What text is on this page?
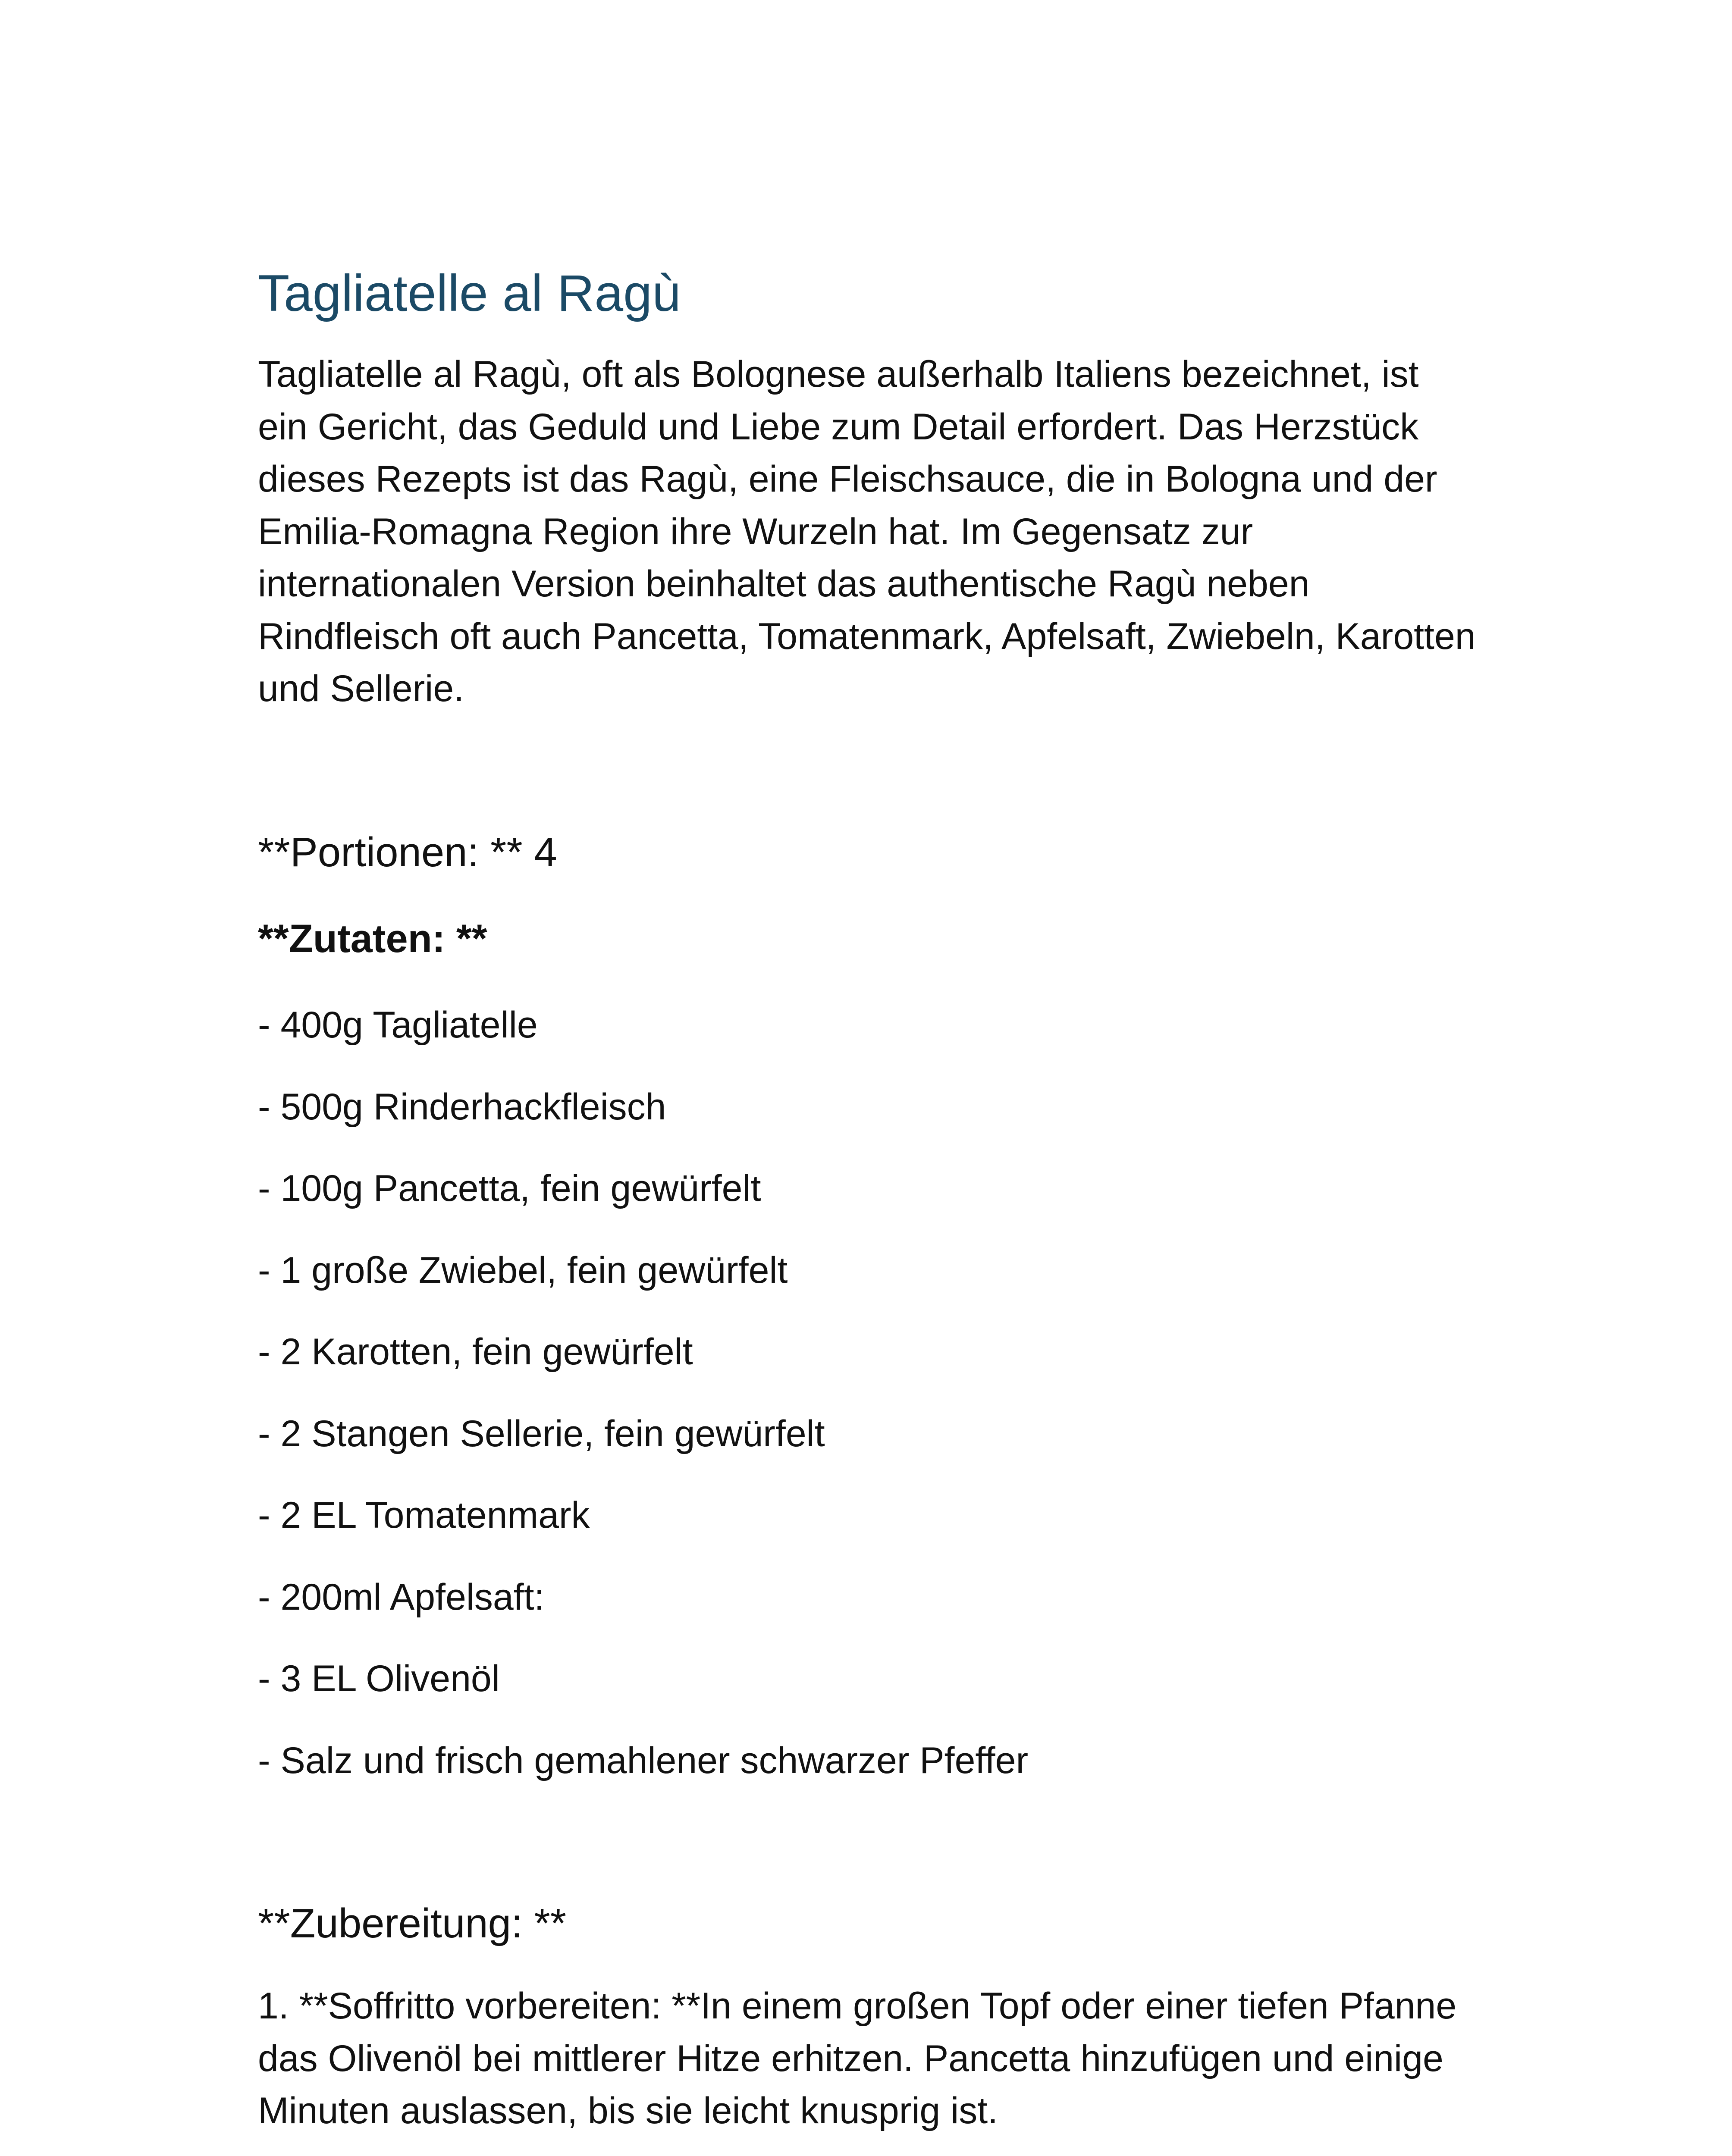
Tagliatelle al Ragù

Tagliatelle al Ragù, oft als Bolognese außerhalb Italiens bezeichnet, ist ein Gericht, das Geduld und Liebe zum Detail erfordert. Das Herzstück dieses Rezepts ist das Ragù, eine Fleischsauce, die in Bologna und der Emilia-Romagna Region ihre Wurzeln hat. Im Gegensatz zur internationalen Version beinhaltet das authentische Ragù neben Rindfleisch oft auch Pancetta, Tomatenmark, Apfelsaft, Zwiebeln, Karotten und Sellerie.

**Portionen: ** 4

**Zutaten: **

- 400g Tagliatelle
- 500g Rinderhackfleisch
- 100g Pancetta, fein gewürfelt
- 1 große Zwiebel, fein gewürfelt
- 2 Karotten, fein gewürfelt
- 2 Stangen Sellerie, fein gewürfelt
- 2 EL Tomatenmark
- 200ml Apfelsaft:
- 3 EL Olivenöl
- Salz und frisch gemahlener schwarzer Pfeffer

**Zubereitung: **

1. **Soffritto vorbereiten: **In einem großen Topf oder einer tiefen Pfanne das Olivenöl bei mittlerer Hitze erhitzen. Pancetta hinzufügen und einige Minuten auslassen, bis sie leicht knusprig ist.
